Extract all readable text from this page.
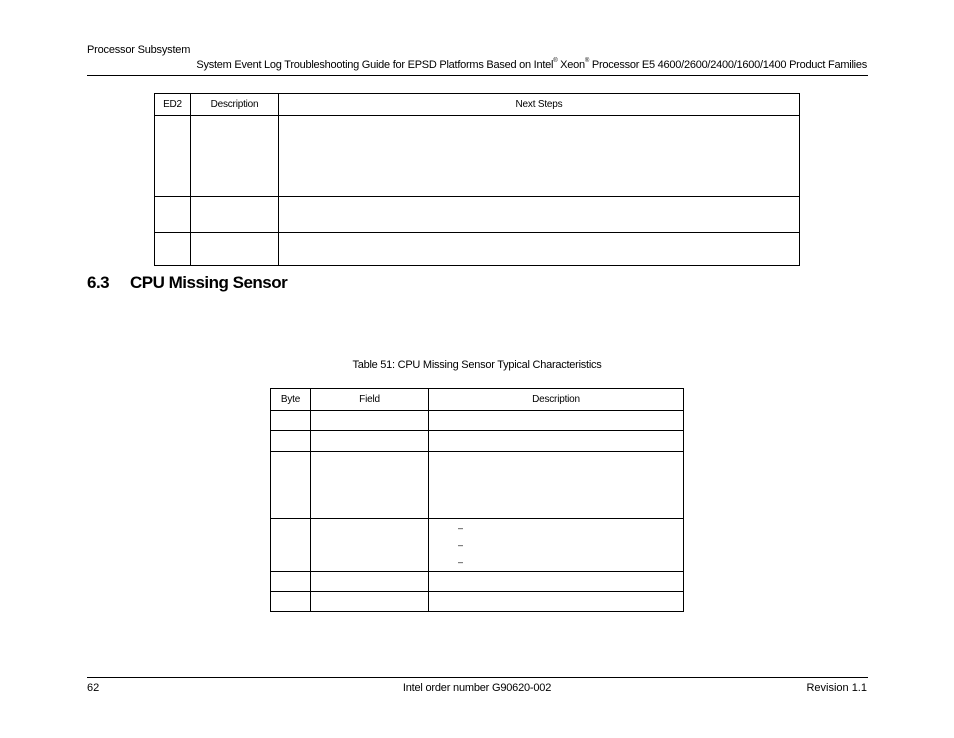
Processor Subsystem
System Event Log Troubleshooting Guide for EPSD Platforms Based on Intel® Xeon® Processor E5 4600/2600/2400/1600/1400 Product Families
ED2	Description	Next Steps

6.3 CPU Missing Sensor
Table 51: CPU Missing Sensor Typical Characteristics
Byte	Field	Description

		–
–
–

62	Intel order number G90620-002	Revision 1.1
